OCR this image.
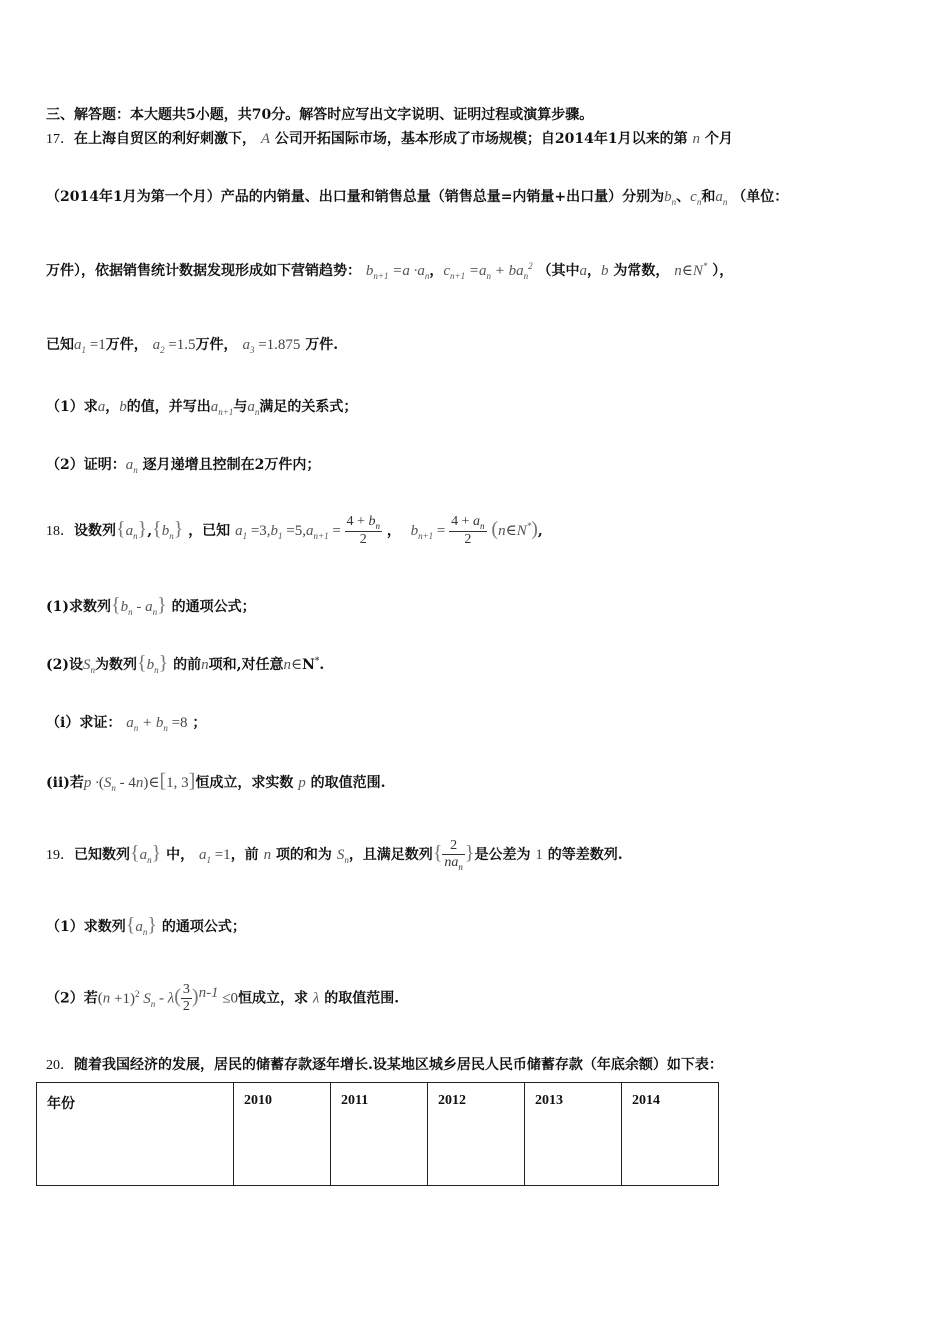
三、解答题：本大题共5小题，共70分。解答时应写出文字说明、证明过程或演算步骤。
17．在上海自贸区的利好刺激下， A 公司开拓国际市场，基本形成了市场规模；自2014年1月以来的第 n 个月
（2014年1月为第一个月）产品的内销量、出口量和销售总量（销售总量=内销量+出口量）分别为$b_n$、$c_n$和$a_n$ （单位：
万件），依据销售统计数据发现形成如下营销趋势： $b_{n+1} =a \cdot a_n$，$c_{n+1} =a_n + ba_n^2$ （其中a，b 为常数， n∈N* ），
已知$a_1 =1$万件， $a_2 =1.5$万件， $a_3 =1.875$ 万件.
（1）求a，b的值，并写出$a_{n+1}$与$a_n$满足的关系式；
（2）证明：$a_n$ 逐月递增且控制在2万件内；
18．设数列$\{a_n\},\{b_n\}$ ，已知 $a_1 =3,b_1 =5,a_{n+1} = \frac{4 + b_n}{2}$ ， $b_{n+1} = \frac{4 + a_n}{2}$ (n∈N*),
(1)求数列$\{b_n - a_n\}$ 的通项公式；
(2)设$S_n$为数列$\{b_n\}$ 的前n项和,对任意n∈N*.
（i）求证： $a_n + b_n =8$ ；
(ii)若$p \cdot(S_n$ - 4n)∈[1, 3]恒成立，求实数 p 的取值范围.
19．已知数列$\{a_n\}$ 中， $a_1 =1$，前 n 项的和为 $S_n$，且满足数列{ $\frac{2}{na_n}$ }是公差为 1 的等差数列.
（1）求数列$\{a_n\}$ 的通项公式；
（2）若$(n +1)^2$ $S_n - \lambda( \frac{3}{2} )^{n-1} \le 0$恒成立，求 λ 的取值范围.
20．随着我国经济的发展，居民的储蓄存款逐年增长.设某地区城乡居民人民币储蓄存款（年底余额）如下表：
年份	2010	2011	2012	2013	2014
